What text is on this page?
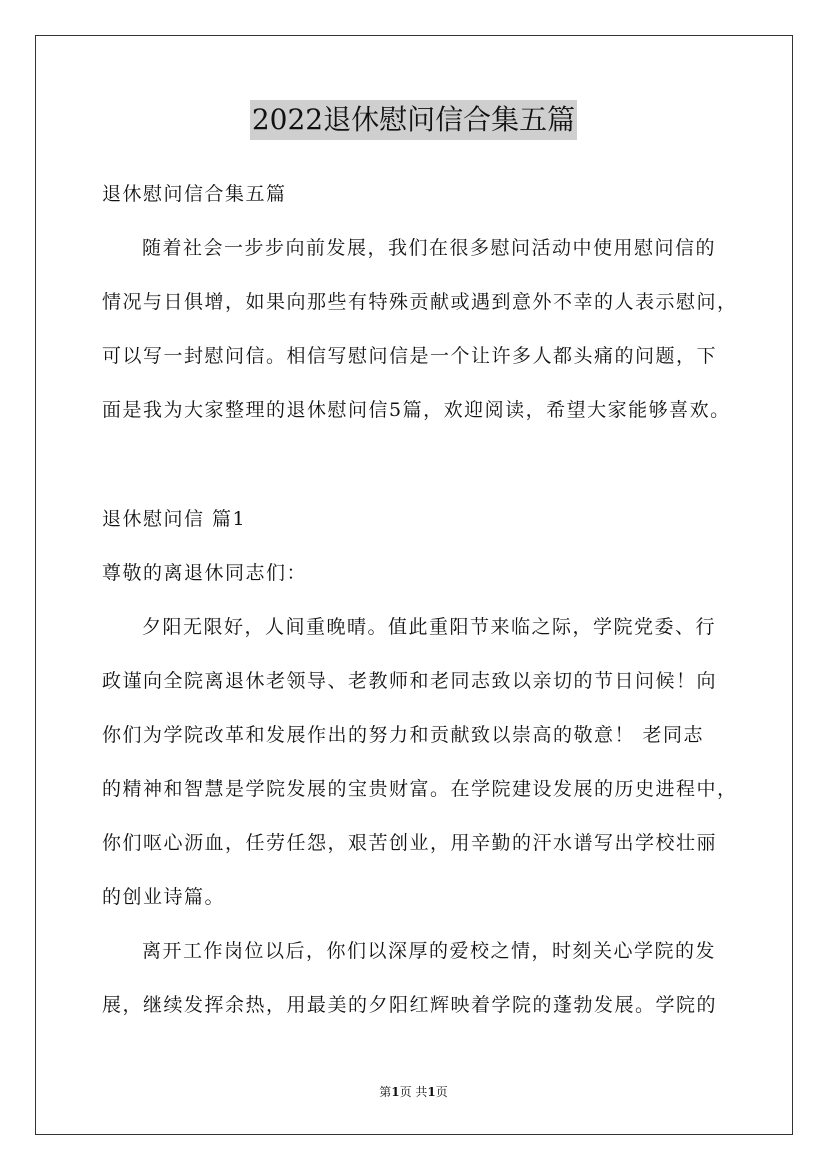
2022退休慰问信合集五篇
退休慰问信合集五篇
随着社会一步步向前发展，我们在很多慰问活动中使用慰问信的
情况与日俱增，如果向那些有特殊贡献或遇到意外不幸的人表示慰问，
可以写一封慰问信。相信写慰问信是一个让许多人都头痛的问题，下
面是我为大家整理的退休慰问信5篇，欢迎阅读，希望大家能够喜欢。
退休慰问信 篇1
尊敬的离退休同志们：
夕阳无限好，人间重晚晴。值此重阳节来临之际，学院党委、行
政谨向全院离退休老领导、老教师和老同志致以亲切的节日问候！向
你们为学院改革和发展作出的努力和贡献致以崇高的敬意！ 老同志
的精神和智慧是学院发展的宝贵财富。在学院建设发展的历史进程中，
你们呕心沥血，任劳任怨，艰苦创业，用辛勤的汗水谱写出学校壮丽
的创业诗篇。
离开工作岗位以后，你们以深厚的爱校之情，时刻关心学院的发
展，继续发挥余热，用最美的夕阳红辉映着学院的蓬勃发展。学院的
第1页 共1页
